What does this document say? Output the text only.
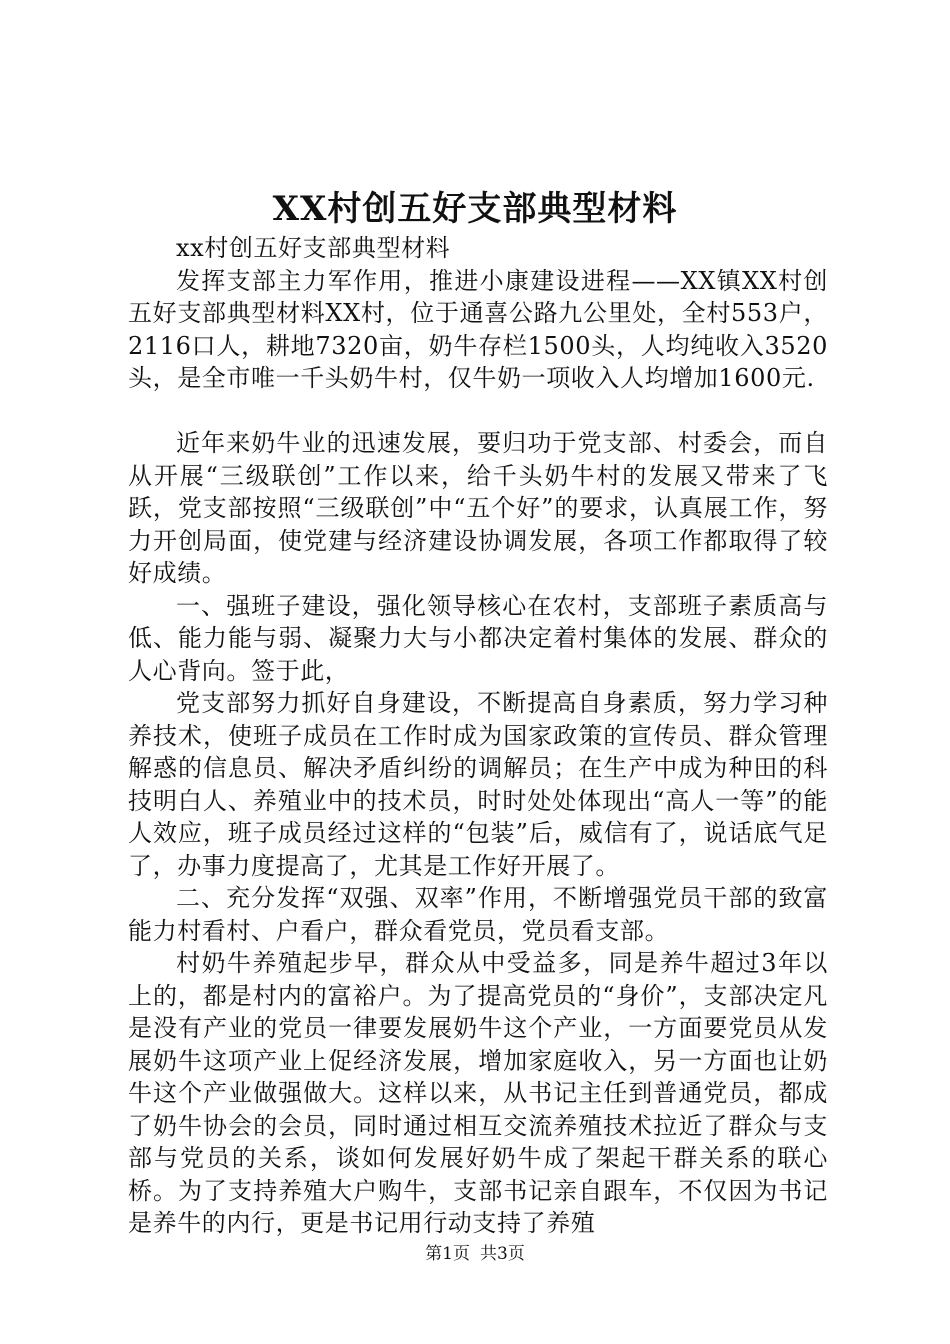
XX村创五好支部典型材料

xx村创五好支部典型材料

发挥支部主力军作用，推进小康建设进程——XX镇XX村创五好支部典型材料XX村，位于通喜公路九公里处，全村553户，2116口人，耕地7320亩，奶牛存栏1500头，人均纯收入3520头，是全市唯一千头奶牛村，仅牛奶一项收入人均增加1600元.

近年来奶牛业的迅速发展，要归功于党支部、村委会，而自从开展“三级联创”工作以来，给千头奶牛村的发展又带来了飞跃，党支部按照“三级联创”中“五个好”的要求，认真展工作，努力开创局面，使党建与经济建设协调发展，各项工作都取得了较好成绩。

一、强班子建设，强化领导核心在农村，支部班子素质高与低、能力能与弱、凝聚力大与小都决定着村集体的发展、群众的人心背向。签于此，

党支部努力抓好自身建设，不断提高自身素质，努力学习种养技术，使班子成员在工作时成为国家政策的宣传员、群众管理解惑的信息员、解决矛盾纠纷的调解员；在生产中成为种田的科技明白人、养殖业中的技术员，时时处处体现出“高人一等”的能人效应，班子成员经过这样的“包装”后，威信有了，说话底气足了，办事力度提高了，尤其是工作好开展了。

二、充分发挥“双强、双率”作用，不断增强党员干部的致富能力村看村、户看户，群众看党员，党员看支部。

村奶牛养殖起步早，群众从中受益多，同是养牛超过3年以上的，都是村内的富裕户。为了提高党员的“身价”，支部决定凡是没有产业的党员一律要发展奶牛这个产业，一方面要党员从发展奶牛这项产业上促经济发展，增加家庭收入，另一方面也让奶牛这个产业做强做大。这样以来，从书记主任到普通党员，都成了奶牛协会的会员，同时通过相互交流养殖技术拉近了群众与支部与党员的关系，谈如何发展好奶牛成了架起干群关系的联心桥。为了支持养殖大户购牛，支部书记亲自跟车，不仅因为书记是养牛的内行，更是书记用行动支持了养殖

第1页 共3页
